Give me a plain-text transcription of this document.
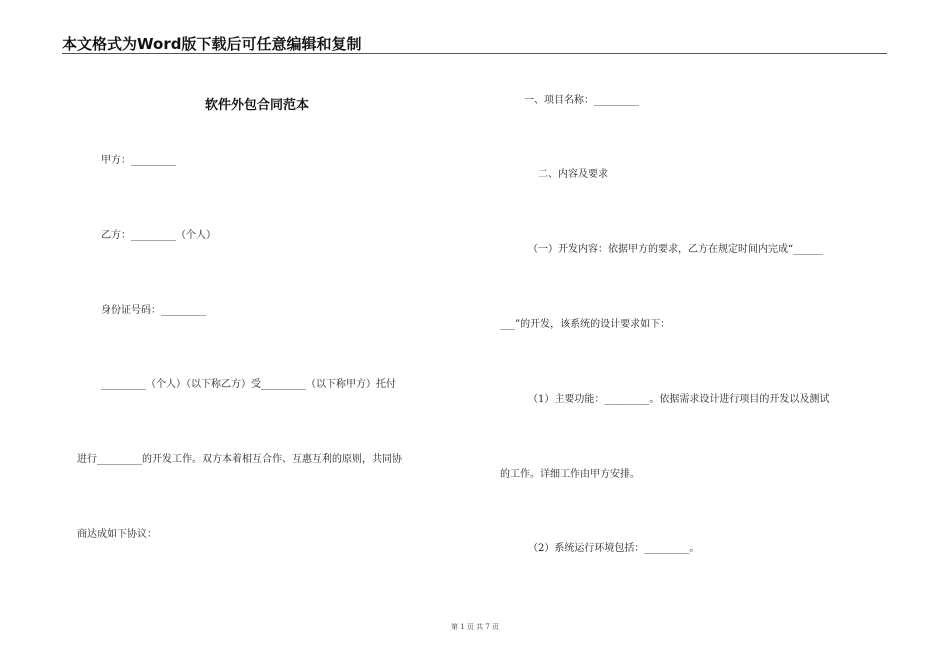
本文格式为Word版下载后可任意编辑和复制
软件外包合同范本
甲方：_________
乙方：_________（个人）
身份证号码：_________
_________（个人）（以下称乙方）受_________（以下称甲方）托付
进行_________的开发工作。双方本着相互合作、互惠互利的原则，共同协
商达成如下协议：
一、项目名称：_________
二、内容及要求
（一）开发内容：依据甲方的要求，乙方在规定时间内完成“______
___”的开发，该系统的设计要求如下：
（1）主要功能：_________。依据需求设计进行项目的开发以及测试
的工作。详细工作由甲方安排。
（2）系统运行环境包括：_________。
第 1 页 共 7 页
